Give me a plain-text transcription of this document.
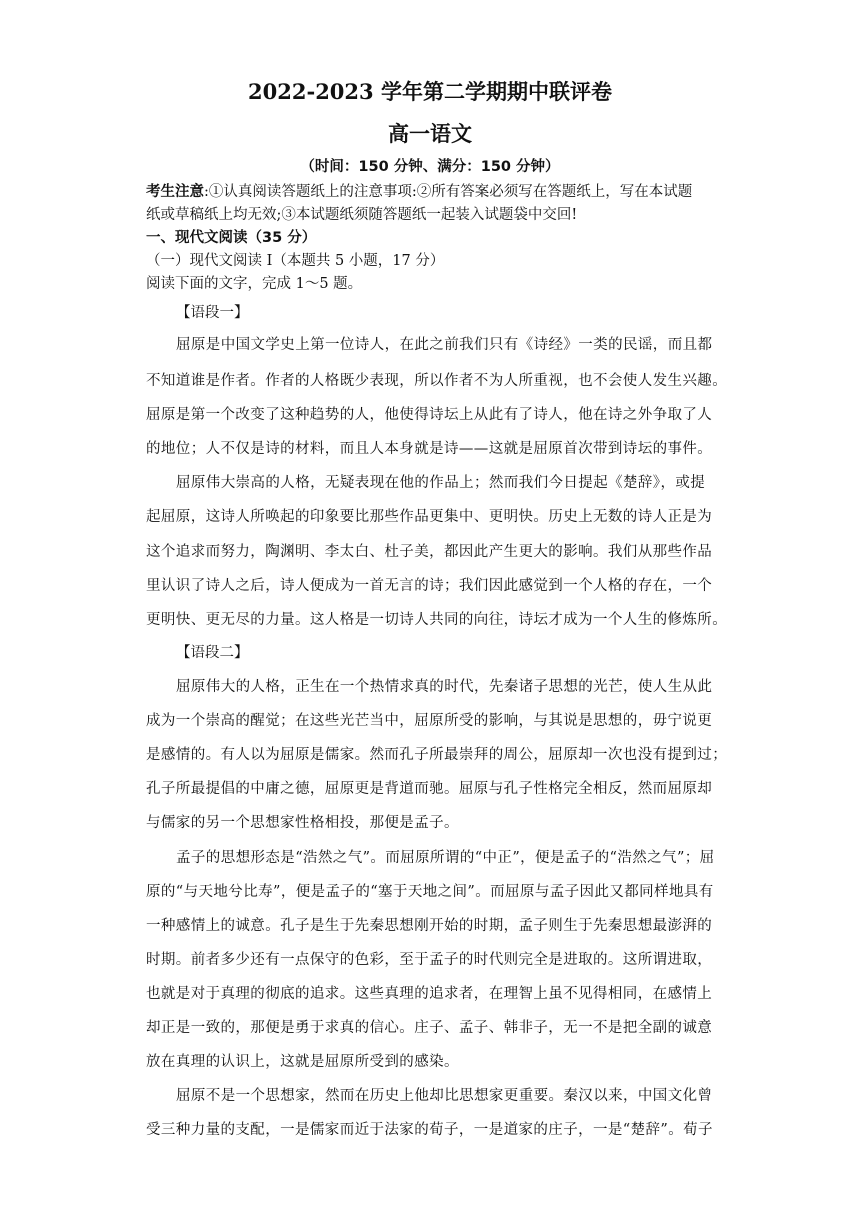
2022-2023 学年第二学期期中联评卷
高一语文
（时间：150 分钟、满分：150 分钟）
考生注意:①认真阅读答题纸上的注意事项:②所有答案必须写在答题纸上，写在本试题
纸或草稿纸上均无效;③本试题纸须随答题纸一起装入试题袋中交回!
一、现代文阅读（35 分）
（一）现代文阅读 I（本题共 5 小题，17 分）
阅读下面的文字，完成 1～5 题。
【语段一】
屈原是中国文学史上第一位诗人，在此之前我们只有《诗经》一类的民谣，而且都
不知道谁是作者。作者的人格既少表现，所以作者不为人所重视，也不会使人发生兴趣。
屈原是第一个改变了这种趋势的人，他使得诗坛上从此有了诗人，他在诗之外争取了人
的地位；人不仅是诗的材料，而且人本身就是诗——这就是屈原首次带到诗坛的事件。
屈原伟大崇高的人格，无疑表现在他的作品上；然而我们今日提起《楚辞》，或提
起屈原，这诗人所唤起的印象要比那些作品更集中、更明快。历史上无数的诗人正是为
这个追求而努力，陶渊明、李太白、杜子美，都因此产生更大的影响。我们从那些作品
里认识了诗人之后，诗人便成为一首无言的诗；我们因此感觉到一个人格的存在，一个
更明快、更无尽的力量。这人格是一切诗人共同的向往，诗坛才成为一个人生的修炼所。
【语段二】
屈原伟大的人格，正生在一个热情求真的时代，先秦诸子思想的光芒，使人生从此
成为一个崇高的醒觉；在这些光芒当中，屈原所受的影响，与其说是思想的，毋宁说更
是感情的。有人以为屈原是儒家。然而孔子所最崇拜的周公，屈原却一次也没有提到过；
孔子所最提倡的中庸之德，屈原更是背道而驰。屈原与孔子性格完全相反，然而屈原却
与儒家的另一个思想家性格相投，那便是孟子。
孟子的思想形态是“浩然之气”。而屈原所谓的“中正”，便是孟子的“浩然之气”；屈
原的“与天地兮比寿”，便是孟子的“塞于天地之间”。而屈原与孟子因此又都同样地具有
一种感情上的诚意。孔子是生于先秦思想刚开始的时期，孟子则生于先秦思想最澎湃的
时期。前者多少还有一点保守的色彩，至于孟子的时代则完全是进取的。这所谓进取，
也就是对于真理的彻底的追求。这些真理的追求者，在理智上虽不见得相同，在感情上
却正是一致的，那便是勇于求真的信心。庄子、孟子、韩非子，无一不是把全副的诚意
放在真理的认识上，这就是屈原所受到的感染。
屈原不是一个思想家，然而在历史上他却比思想家更重要。秦汉以来，中国文化曾
受三种力量的支配，一是儒家而近于法家的荀子，一是道家的庄子，一是“楚辞”。荀子
